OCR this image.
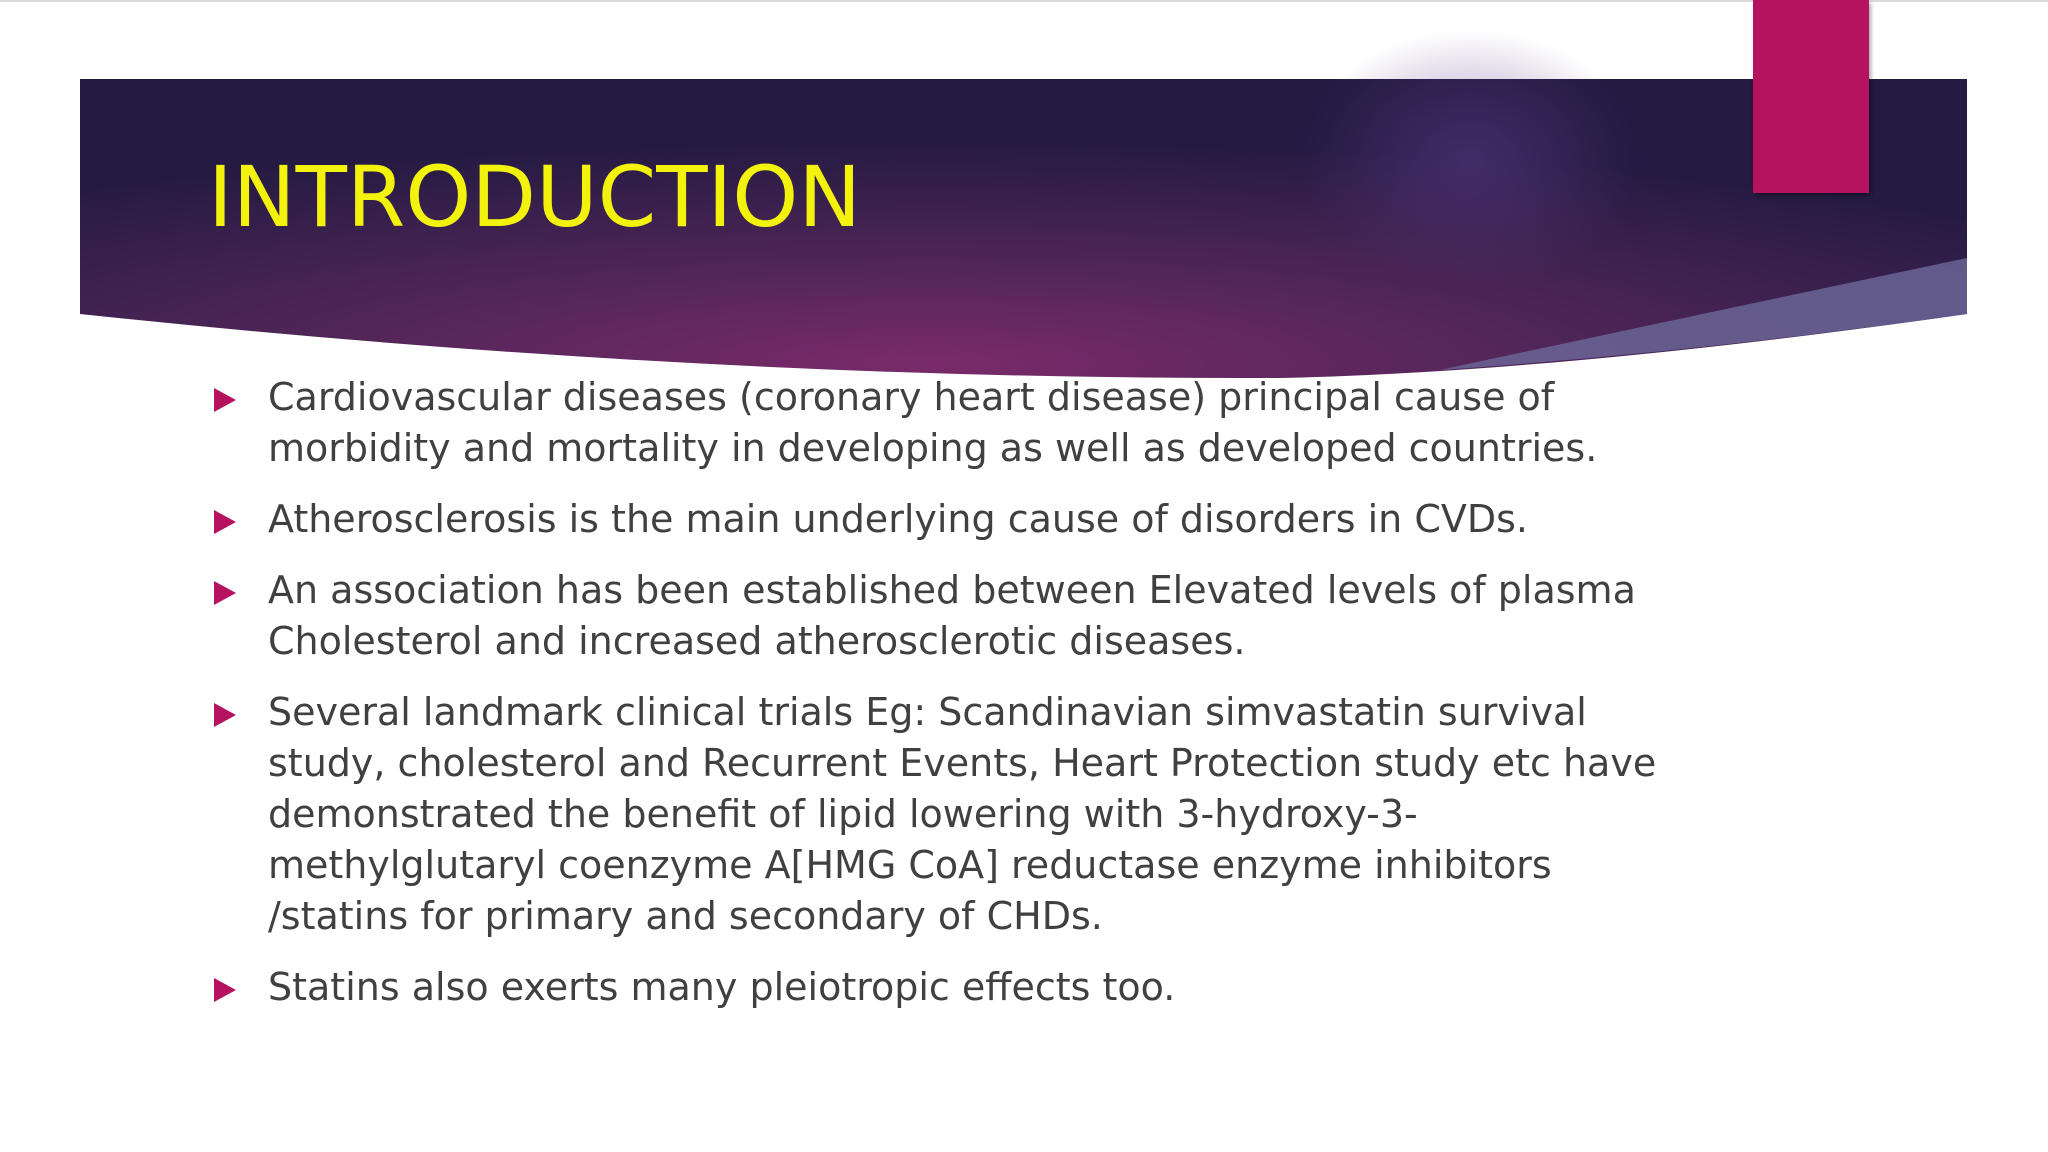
INTRODUCTION
Cardiovascular diseases (coronary heart disease) principal cause of morbidity and mortality in developing as well as developed countries.
Atherosclerosis is the main underlying cause of disorders in CVDs.
An association has been established between Elevated levels of plasma Cholesterol and increased atherosclerotic diseases.
Several landmark clinical trials Eg: Scandinavian simvastatin survival study, cholesterol and Recurrent Events, Heart Protection study etc have demonstrated the benefit of lipid lowering with 3-hydroxy-3-methylglutaryl coenzyme A[HMG CoA] reductase enzyme inhibitors /statins for primary and secondary of CHDs.
Statins also exerts many pleiotropic effects too.
